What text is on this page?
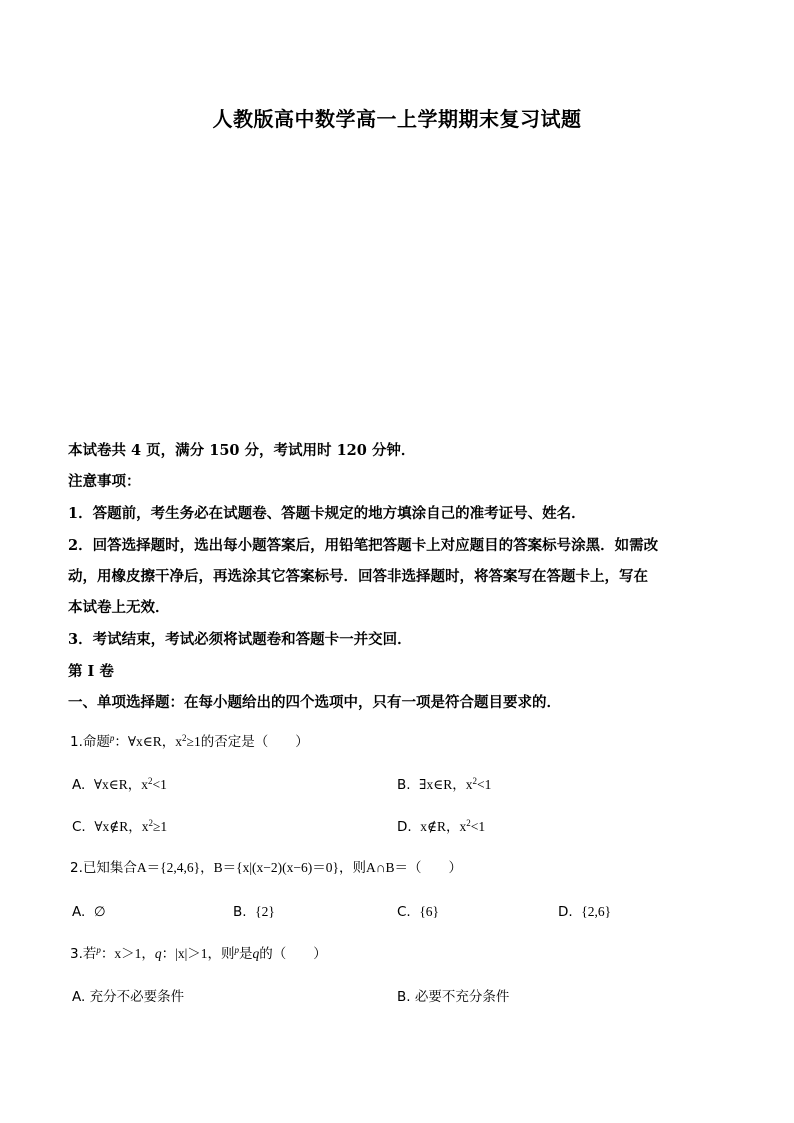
人教版高中数学高一上学期期末复习试题
本试卷共 4 页，满分 150 分，考试用时 120 分钟．
注意事项：
1．答题前，考生务必在试题卷、答题卡规定的地方填涂自己的准考证号、姓名．
2．回答选择题时，选出每小题答案后，用铅笔把答题卡上对应题目的答案标号涂黑．如需改
动，用橡皮擦干净后，再选涂其它答案标号．回答非选择题时，将答案写在答题卡上，写在
本试卷上无效．
3．考试结束，考试必须将试题卷和答题卡一并交回．
第 I 卷
一、单项选择题：在每小题给出的四个选项中，只有一项是符合题目要求的．
1.命题$^p$：∀x∈R，$x^2\ge 1$的否定是（　　）
A. ∀x∈R，$x^2<1$	B. ∃x∈R，$x^2<1$
C. ∀x∉R，$x^2\ge 1$	D. x∉R，$x^2<1$
2.已知集合A＝{2,4,6}，B＝{x|(x−2)(x−6)＝0}，则A∩B＝（　　）
A. ∅	B. {2}	C. {6}	D. {2,6}
3.若$^p$：x＞1，q：|x|＞1，则$^p$是q的（　　）
A. 充分不必要条件	B. 必要不充分条件
